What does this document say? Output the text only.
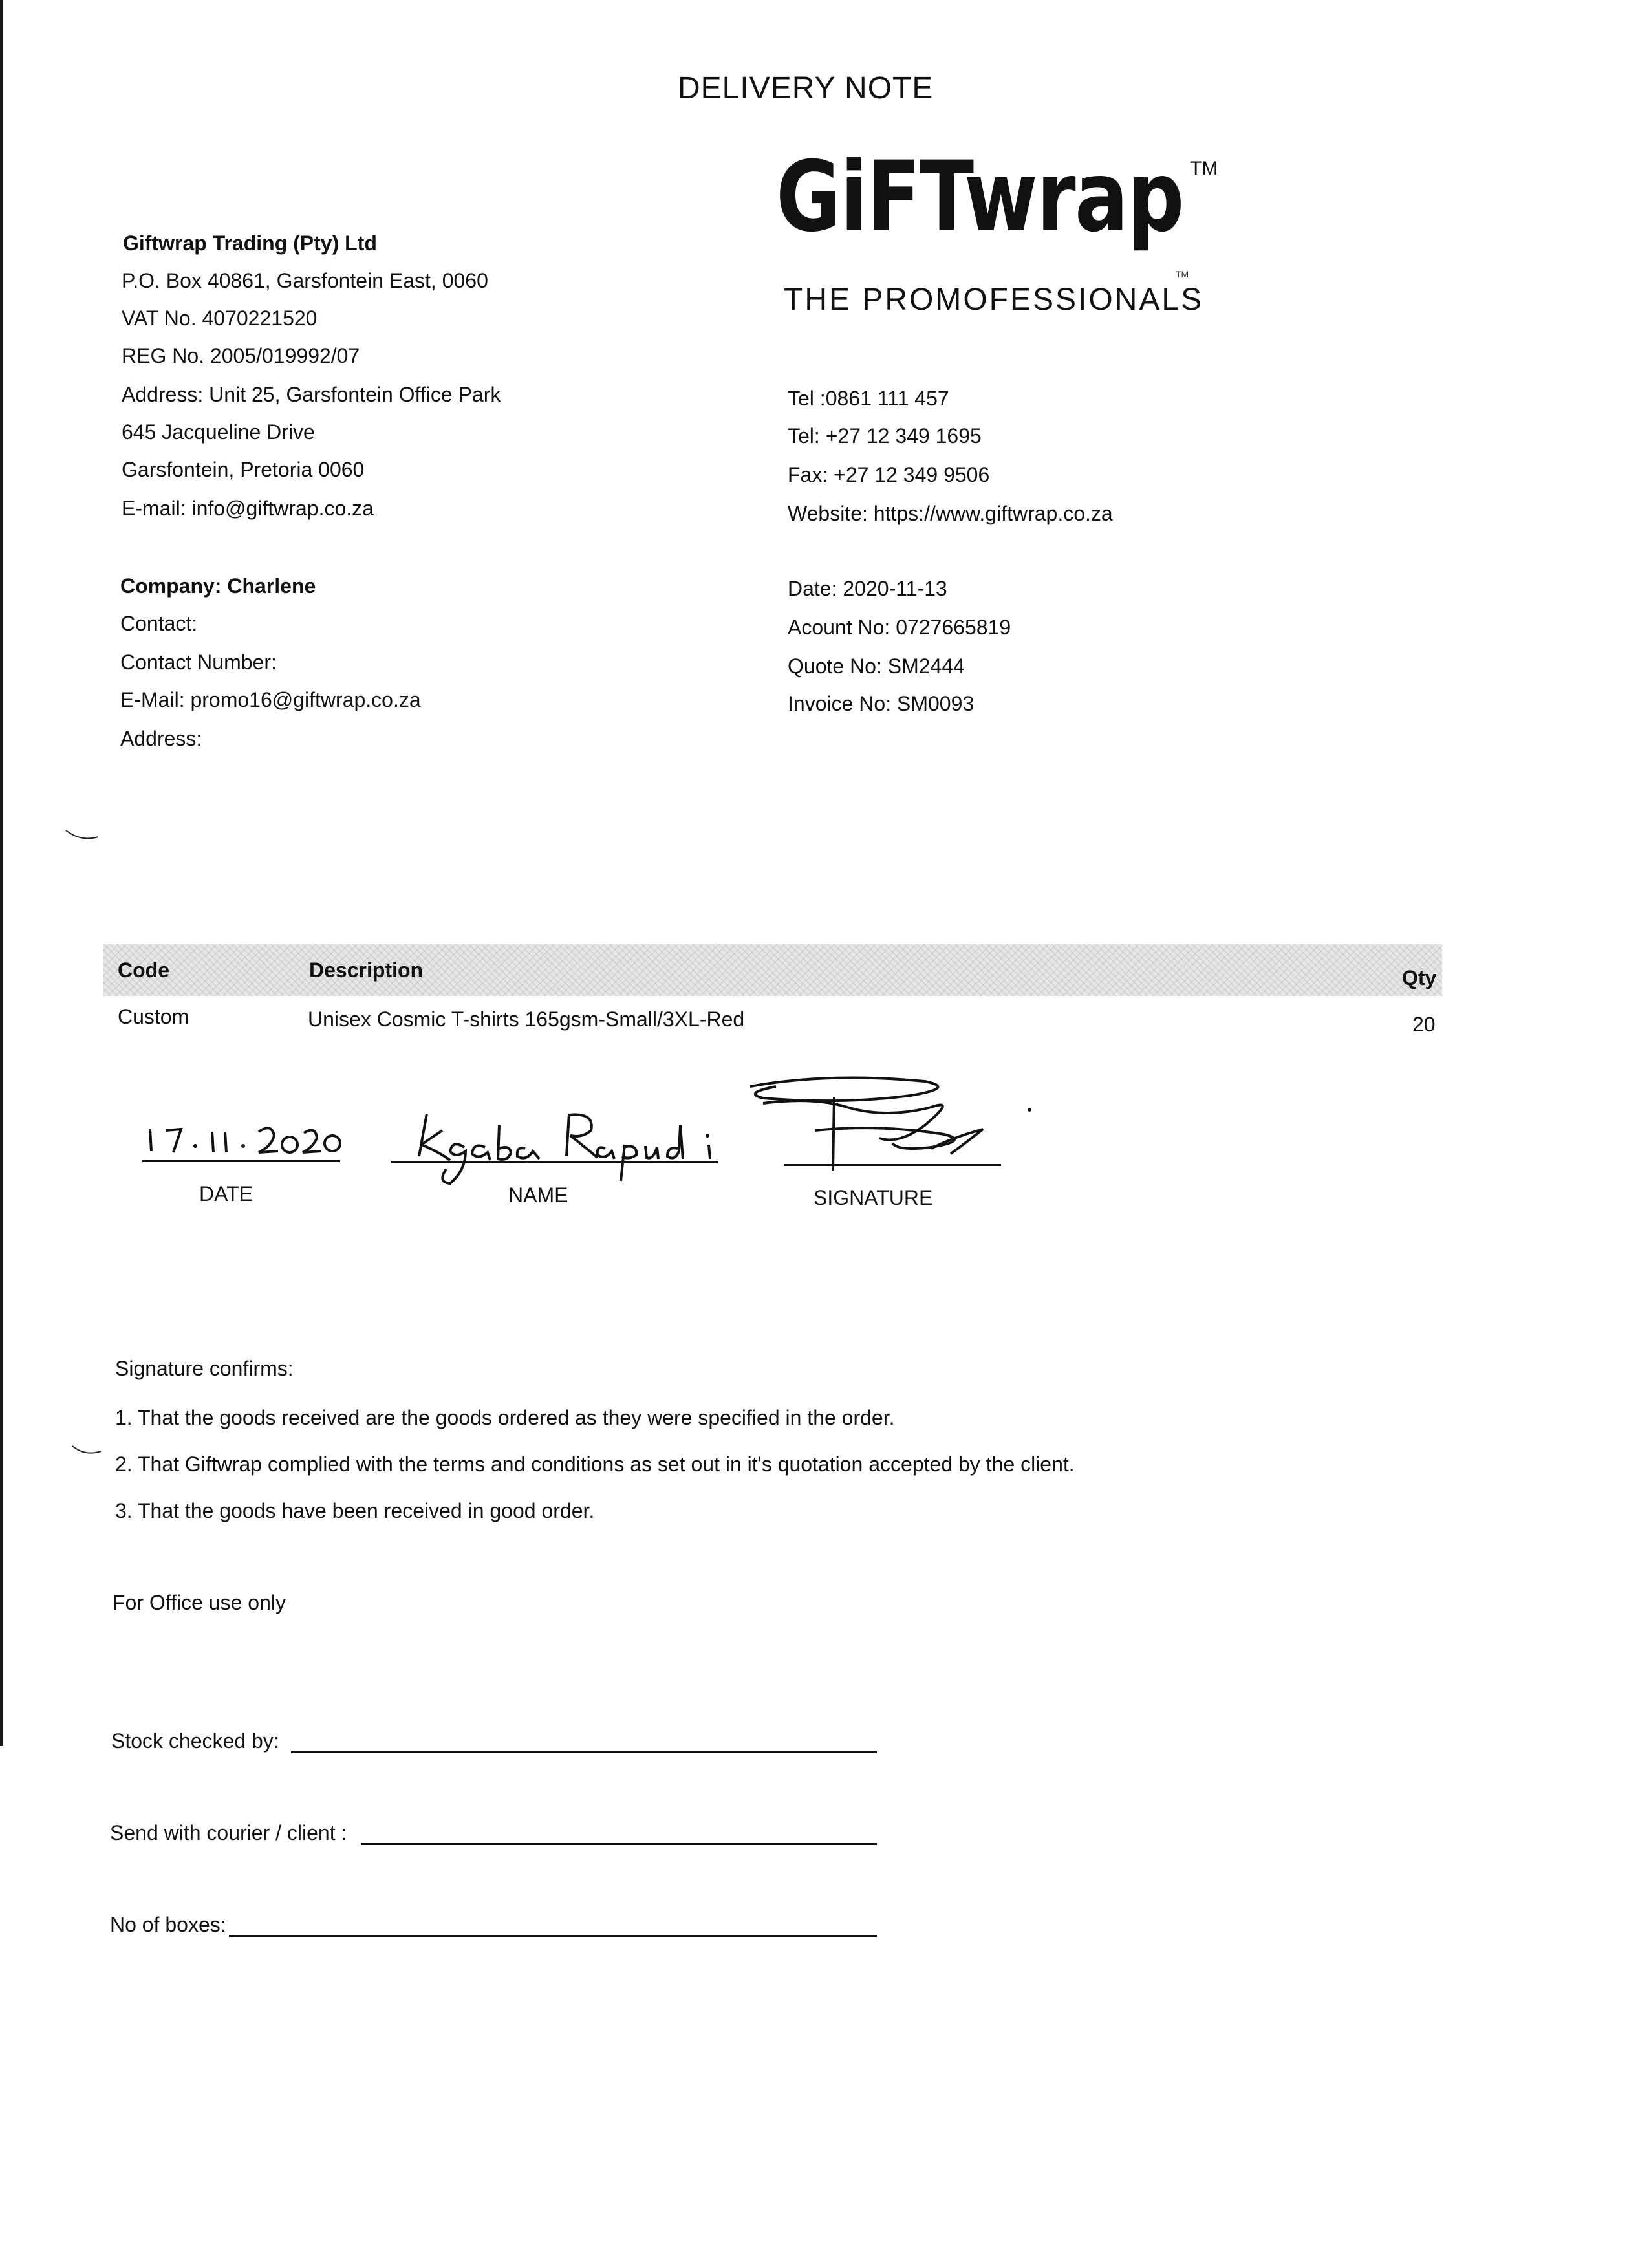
DELIVERY NOTE
GiFTwrap TM
THE PROMOFESSIONALS
TM
Giftwrap Trading (Pty) Ltd
P.O. Box 40861, Garsfontein East, 0060
VAT No. 4070221520
REG No. 2005/019992/07
Address: Unit 25, Garsfontein Office Park
645 Jacqueline Drive
Garsfontein, Pretoria 0060
E-mail: info@giftwrap.co.za
Tel :0861 111 457
Tel: +27 12 349 1695
Fax: +27 12 349 9506
Website: https://www.giftwrap.co.za
Company: Charlene
Contact:
Contact Number:
E-Mail: promo16@giftwrap.co.za
Address:
Date: 2020-11-13
Acount No: 0727665819
Quote No: SM2444
Invoice No: SM0093
Code	Description	Qty
Custom	Unisex Cosmic T-shirts 165gsm-Small/3XL-Red	20
DATE	NAME	SIGNATURE
Signature confirms:
1. That the goods received are the goods ordered as they were specified in the order.
2. That Giftwrap complied with the terms and conditions as set out in it's quotation accepted by the client.
3. That the goods have been received in good order.
For Office use only
Stock checked by:
Send with courier / client :
No of boxes:
